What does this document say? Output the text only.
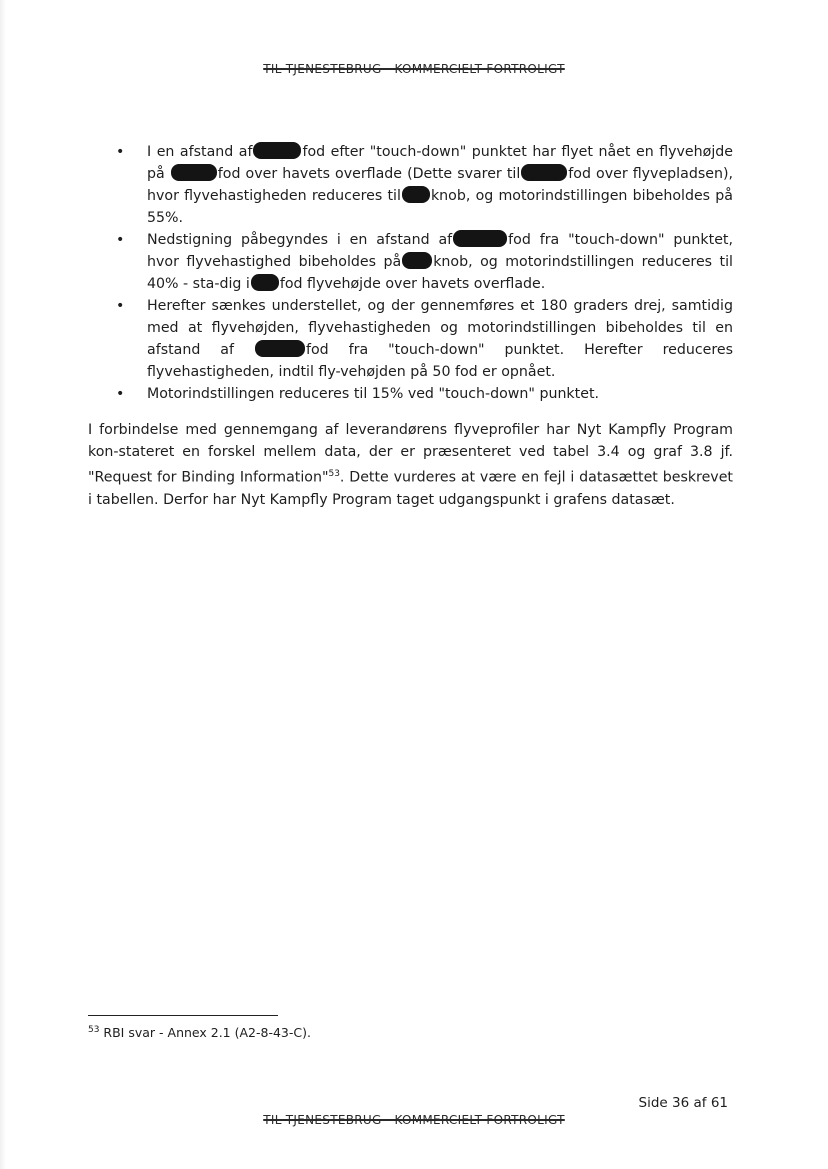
TIL TJENESTEBRUG - KOMMERCIELT FORTROLIGT
• I en afstand af	fod efter "touch-down" punktet har flyet nået en flyvehøjde på	fod over havets overflade (Dette svarer til	fod over flyvepladsen), hvor flyvehastigheden reduceres til knob, og motorindstillingen bibeholdes på 55%.
• Nedstigning påbegyndes i en afstand af	fod fra "touch-down" punktet, hvor flyvehastighed bibeholdes på knob, og motorindstillingen reduceres til 40% - sta-dig i fod flyvehøjde over havets overflade.
• Herefter sænkes understellet, og der gennemføres et 180 graders drej, samtidig med at flyvehøjden, flyvehastigheden og motorindstillingen bibeholdes til en afstand af	fod fra "touch-down" punktet. Herefter reduceres flyvehastigheden, indtil fly-vehøjden på 50 fod er opnået.
• Motorindstillingen reduceres til 15% ved "touch-down" punktet.

I forbindelse med gennemgang af leverandørens flyveprofiler har Nyt Kampfly Program kon-stateret en forskel mellem data, der er præsenteret ved tabel 3.4 og graf 3.8 jf. "Request for Binding Information"$^{53}$. Dette vurderes at være en fejl i datasættet beskrevet i tabellen. Derfor har Nyt Kampfly Program taget udgangspunkt i grafens datasæt.

$^{53}$ RBI svar - Annex 2.1 (A2-8-43-C).
Side 36 af 61
TIL TJENESTEBRUG - KOMMERCIELT FORTROLIGT
